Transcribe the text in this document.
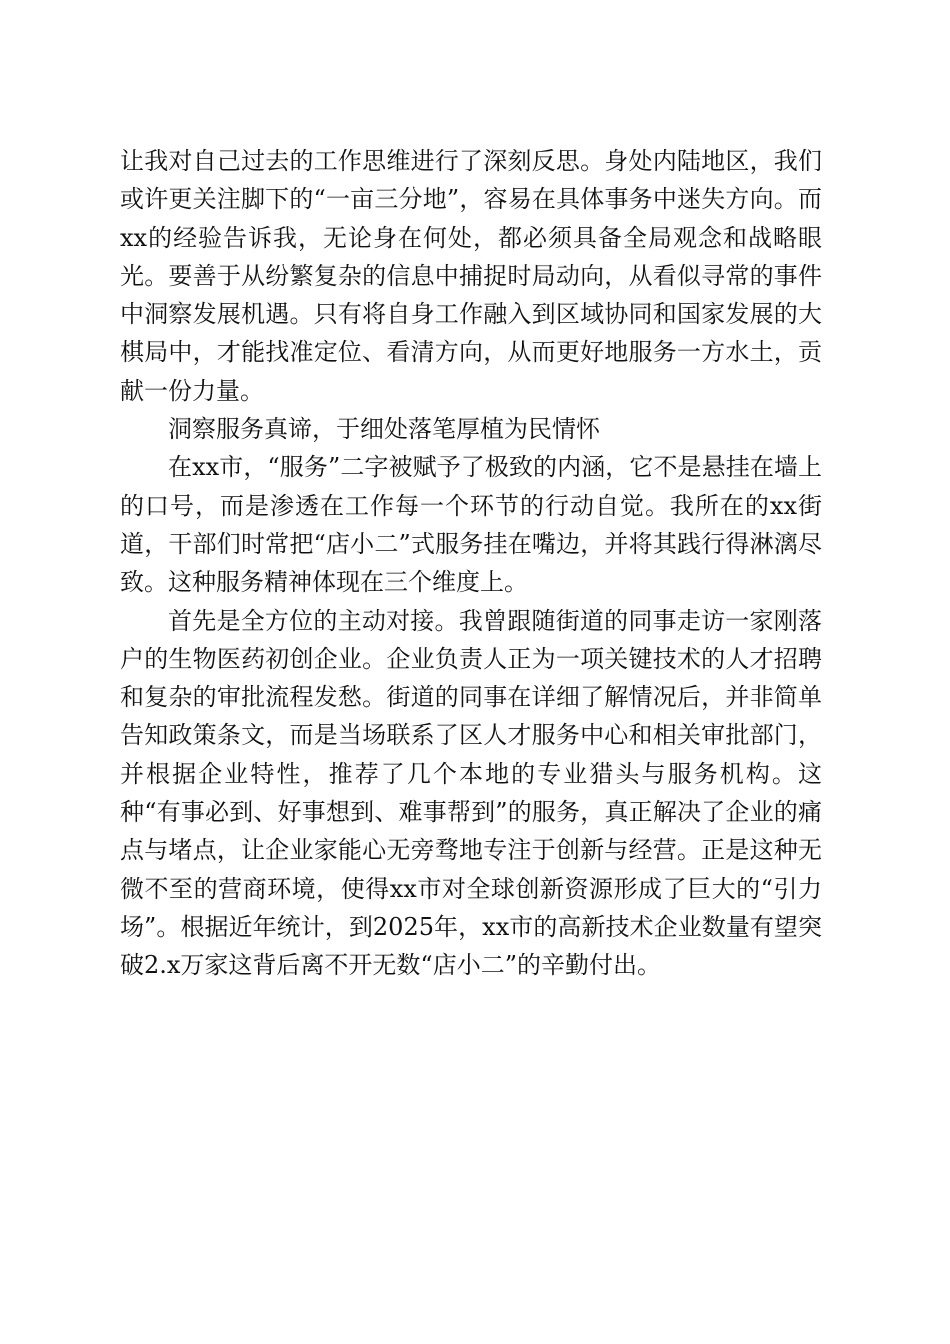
让我对自己过去的工作思维进行了深刻反思。身处内陆地区，我们或许更关注脚下的“一亩三分地”，容易在具体事务中迷失方向。而xx的经验告诉我，无论身在何处，都必须具备全局观念和战略眼光。要善于从纷繁复杂的信息中捕捉时局动向，从看似寻常的事件中洞察发展机遇。只有将自身工作融入到区域协同和国家发展的大棋局中，才能找准定位、看清方向，从而更好地服务一方水土，贡献一份力量。

洞察服务真谛，于细处落笔厚植为民情怀

在xx市，“服务”二字被赋予了极致的内涵，它不是悬挂在墙上的口号，而是渗透在工作每一个环节的行动自觉。我所在的xx街道，干部们时常把“店小二”式服务挂在嘴边，并将其践行得淋漓尽致。这种服务精神体现在三个维度上。

首先是全方位的主动对接。我曾跟随街道的同事走访一家刚落户的生物医药初创企业。企业负责人正为一项关键技术的人才招聘和复杂的审批流程发愁。街道的同事在详细了解情况后，并非简单告知政策条文，而是当场联系了区人才服务中心和相关审批部门，并根据企业特性，推荐了几个本地的专业猎头与服务机构。这种“有事必到、好事想到、难事帮到”的服务，真正解决了企业的痛点与堵点，让企业家能心无旁骛地专注于创新与经营。正是这种无微不至的营商环境，使得xx市对全球创新资源形成了巨大的“引力场”。根据近年统计，到2025年，xx市的高新技术企业数量有望突破2.x万家这背后离不开无数“店小二”的辛勤付出。
